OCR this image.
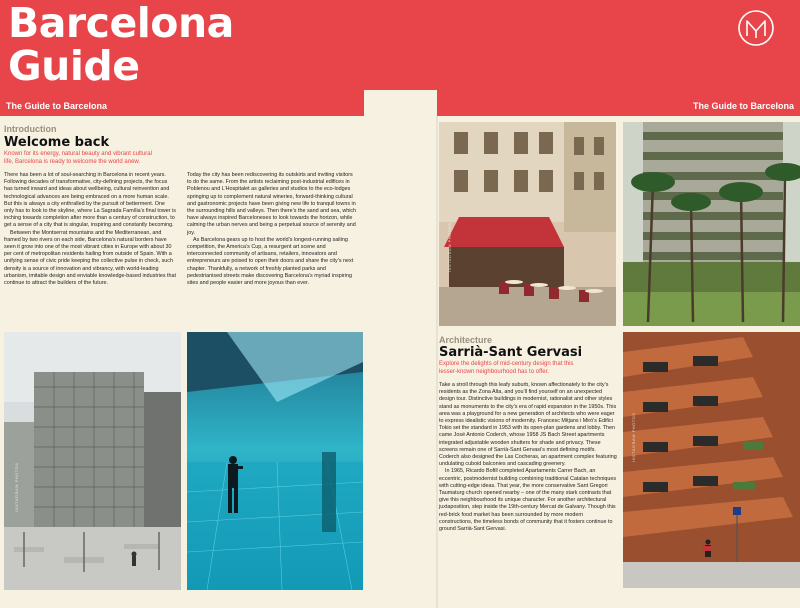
Barcelona
Guide
The Guide to Barcelona	The Guide to Barcelona
Introduction
Welcome back
Known for its energy, natural beauty and vibrant cultural
life, Barcelona is ready to welcome the world anew.

There has been a lot of soul-searching in Barcelona in recent years. Following decades of transformative, city-defining projects, the focus has turned inward and ideas about wellbeing, cultural reinvention and technological advances are being embraced on a more human scale. But this is always a city enthralled by the pursuit of betterment. One only has to look to the skyline, where La Sagrada Família’s final tower is inching towards completion after more than a century of construction, to get a sense of a city that is singular, inspiring and constantly becoming.

Between the Montserrat mountains and the Mediterranean, and framed by two rivers on each side, Barcelona’s natural borders have seen it grow into one of the most vibrant cities in Europe with about 30 per cent of metropolitan residents hailing from outside of Spain. With a unifying sense of civic pride keeping the collective pulse in check, such density is a source of innovation and vibrancy, with world-leading urbanism, imitable design and enviable knowledge-based industries that continue to attract the builders of the future.

Today the city has been rediscovering its outskirts and inviting visitors to do the same. From the artists reclaiming post-industrial edifices in Poblenou and L’Hospitalet as galleries and studios to the eco-lodges springing up to complement natural wineries, forward-thinking cultural and gastronomic projects have been giving new life to tranquil towns in the surrounding hills and valleys. Then there’s the sand and sea, which have always inspired Barceloneses to look towards the horizon, while calming the urban nerves and being a perpetual source of serenity and joy.

As Barcelona gears up to host the world’s longest-running sailing competition, the America’s Cup, a resurgent art scene and interconnected community of artisans, retailers, innovators and entrepreneurs are poised to open their doors and share the city’s next chapter. Thankfully, a network of freshly planted parks and pedestrianised streets make discovering Barcelona’s myriad inspiring sites and people easier and more joyous than ever.

Architecture
Sarrià-Sant Gervasi
Explore the delights of mid-century design that this
lesser-known neighbourhood has to offer.

Take a stroll through this leafy suburb, known affectionately to the city’s residents as the Zona Alta, and you’ll find yourself on an unexpected design tour. Distinctive buildings in modernist, rationalist and other styles stand as monuments to the city’s era of rapid expansion in the 1950s. This area was a playground for a new generation of architects who were eager to express idealistic visions of modernity. Francesc Mitjans i Miró’s Edifici Tokio set the standard in 1953 with its open-plan gardens and lobby. Then came José Antonio Coderch, whose 1958 JS Bach Street apartments integrated adjustable wooden shutters for shade and privacy. These screens remain one of Sarrià-Sant Gervasi’s most defining motifs. Coderch also designed the Las Cocheras, an apartment complex featuring undulating cuboid balconies and cascading greenery.

In 1965, Ricardo Bofill completed Apartaments Carrer Bach, an eccentric, postmodernist building combining traditional Catalan techniques with cutting-edge ideas. That year, the more conservative Sant Gregori Taumaturg church opened nearby – one of the many stark contrasts that give this neighbourhood its unique character. For another architectural juxtaposition, step inside the 19th-century Mercat de Galvany. Though this red-brick food market has been surrounded by more modern constructions, the timeless bonds of community that it fosters continue to ground Sarrià-Sant Gervasi.

INSTAGRAM PHOTOS
INSTAGRAM PHOTOS
INSTAGRAM PHOTOS
